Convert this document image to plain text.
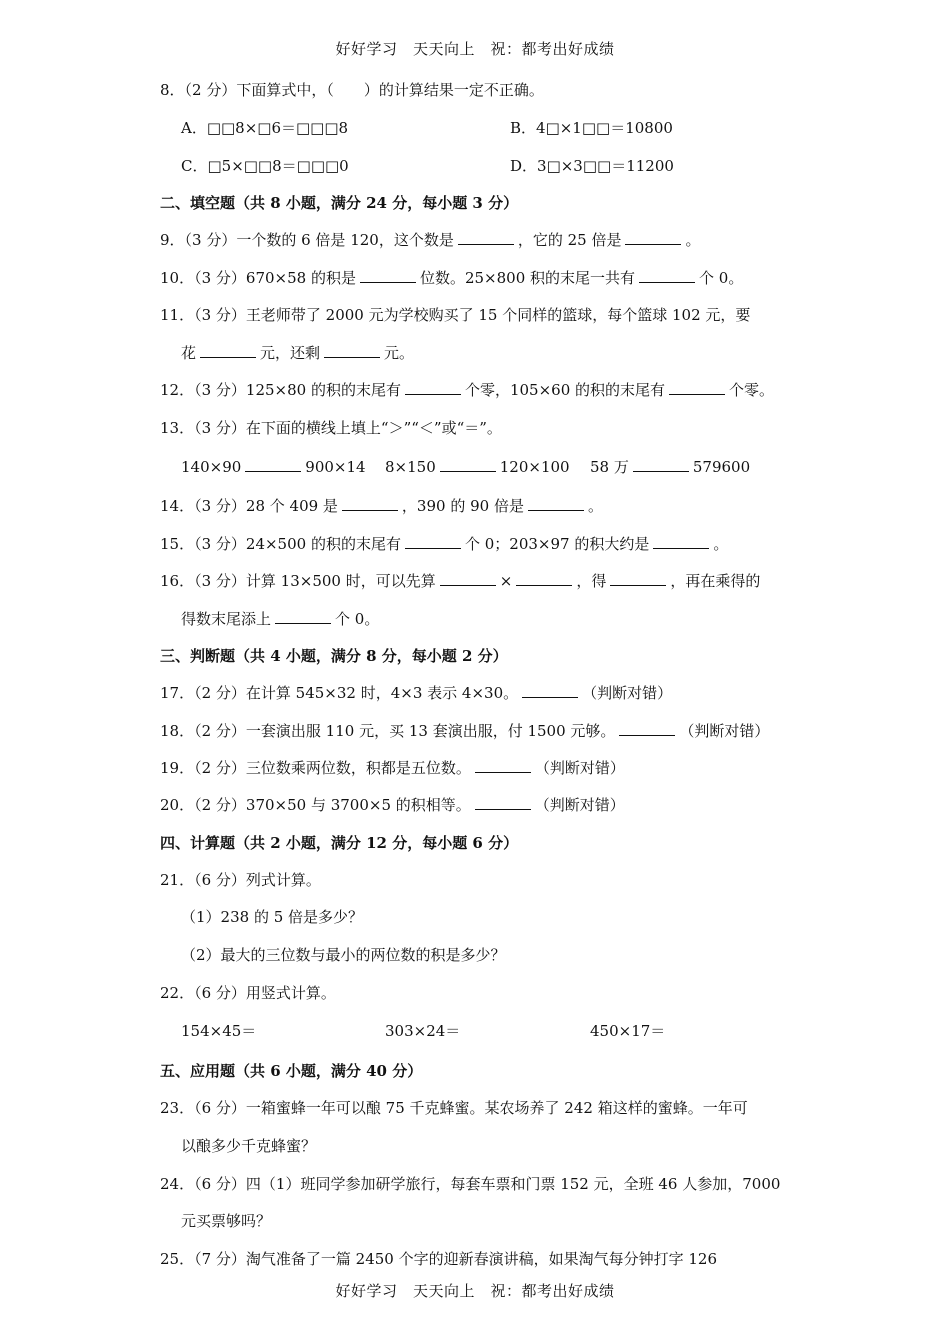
好好学习　天天向上　祝：都考出好成绩
8．（2 分）下面算式中，（　　）的计算结果一定不正确。
A．□□8×□6＝□□□8	B．4□×1□□＝10800
C．□5×□□8＝□□□0	D．3□×3□□＝11200
二、填空题（共 8 小题，满分 24 分，每小题 3 分）
9．（3 分）一个数的 6 倍是 120，这个数是	，它的 25 倍是	。
10．（3 分）670×58 的积是	位数。25×800 积的末尾一共有	个 0。
11．（3 分）王老师带了 2000 元为学校购买了 15 个同样的篮球，每个篮球 102 元，要
花	元，还剩	元。
12．（3 分）125×80 的积的末尾有	个零，105×60 的积的末尾有	个零。
13．（3 分）在下面的横线上填上“＞”“＜”或“＝”。
140×90	900×14 8×150	120×100 58 万	579600
14．（3 分）28 个 409 是	，390 的 90 倍是	。
15．（3 分）24×500 的积的末尾有	个 0；203×97 的积大约是	。
16．（3 分）计算 13×500 时，可以先算	×	，得	，再在乘得的
得数末尾添上	个 0。
三、判断题（共 4 小题，满分 8 分，每小题 2 分）
17．（2 分）在计算 545×32 时，4×3 表示 4×30。	（判断对错）
18．（2 分）一套演出服 110 元，买 13 套演出服，付 1500 元够。	（判断对错）
19．（2 分）三位数乘两位数，积都是五位数。	（判断对错）
20．（2 分）370×50 与 3700×5 的积相等。	（判断对错）
四、计算题（共 2 小题，满分 12 分，每小题 6 分）
21．（6 分）列式计算。
（1）238 的 5 倍是多少？
（2）最大的三位数与最小的两位数的积是多少？
22．（6 分）用竖式计算。
154×45＝	303×24＝	450×17＝
五、应用题（共 6 小题，满分 40 分）
23．（6 分）一箱蜜蜂一年可以酿 75 千克蜂蜜。某农场养了 242 箱这样的蜜蜂。一年可
以酿多少千克蜂蜜？
24．（6 分）四（1）班同学参加研学旅行，每套车票和门票 152 元，全班 46 人参加，7000
元买票够吗？
25．（7 分）淘气准备了一篇 2450 个字的迎新春演讲稿，如果淘气每分钟打字 126
好好学习　天天向上　祝：都考出好成绩
